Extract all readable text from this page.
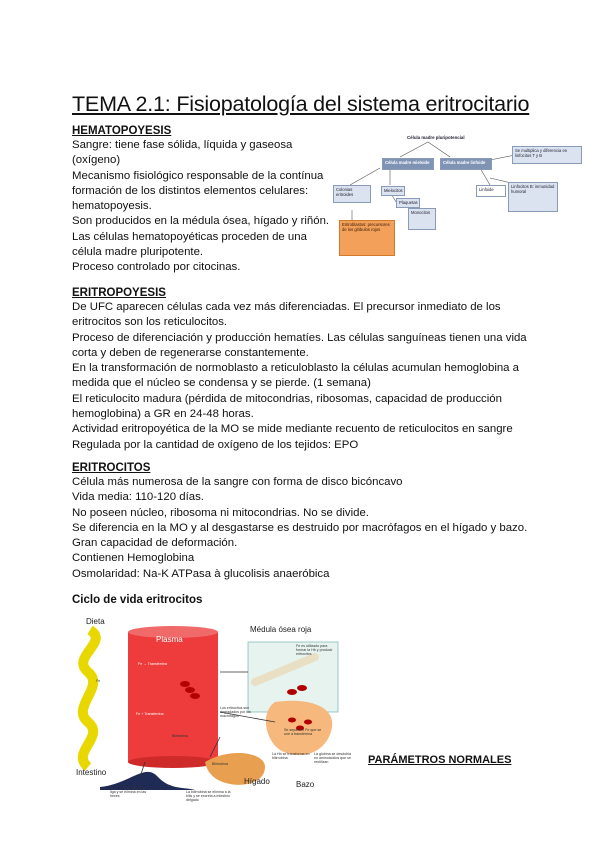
TEMA 2.1: Fisiopatología del sistema eritrocitario
HEMATOPOYESIS
Sangre: tiene fase sólida, líquida y gaseosa
(oxígeno)
Mecanismo fisiológico responsable de la contínua
formación de los distintos elementos celulares:
hematopoyesis.
Son producidos en la médula ósea, hígado y riñón.
Las células hematopoyéticas proceden de una
célula madre pluripotente.
Proceso controlado por citocinas.
Célula madre pluripotencial
Célula madre mieloide	Célula madre linfoide
Se multiplica y diferencia en linfocitos T y B
Colonias eritroides
Mielocitos
Plaquetas
Monocitos
Linfoide
Linfocitos B: inmunidad humoral
Eritroblastos: precursores de los glóbulos rojos
ERITROPOYESIS
De UFC aparecen células cada vez más diferenciadas. El precursor inmediato de los
eritrocitos son los reticulocitos.
Proceso de diferenciación y producción hematíes. Las células sanguíneas tienen una vida
corta y deben de regenerarse constantemente.
En la transformación de normoblasto a reticuloblasto la células acumulan hemoglobina a
medida que el núcleo se condensa y se pierde. (1 semana)
El reticulocito madura (pérdida de mitocondrias, ribosomas, capacidad de producción
hemoglobina) a GR en 24-48 horas.
Actividad eritropoyética de la MO se mide mediante recuento de reticulocitos en sangre
Regulada por la cantidad de oxígeno de los tejidos: EPO
ERITROCITOS
Célula más numerosa de la sangre con forma de disco bicóncavo
Vida media: 110-120 días.
No poseen núcleo, ribosoma ni mitocondrias. No se divide.
Se diferencia en la MO y al desgastarse es destruido por macrófagos en el hígado y bazo.
Gran capacidad de deformación.
Contienen Hemoglobina
Osmolaridad: Na-K ATPasa à glucolisis anaeróbica
Ciclo de vida eritrocitos
Dieta
Plasma
Médula ósea roja
Intestino
Hígado	Bazo
Fe
Fe → Transferrina
Fe + Transferrina
Bilirrubina
Bilirrubina
Fe es utilizado para formar la Hb y producir eritrocitos
Los eritrocitos son degradados por los macrófagos
Se separa el Fe que se une a transferrina
La Hb se transforma en bilirrubina
La globina se desdobla en aminoácidos que se reutilizan
El Fe y Transferrina se liga y se elimina en las heces
La bilirrubina se elimina a la bilis y se excreta a intestino delgado
PARÁMETROS NORMALES
